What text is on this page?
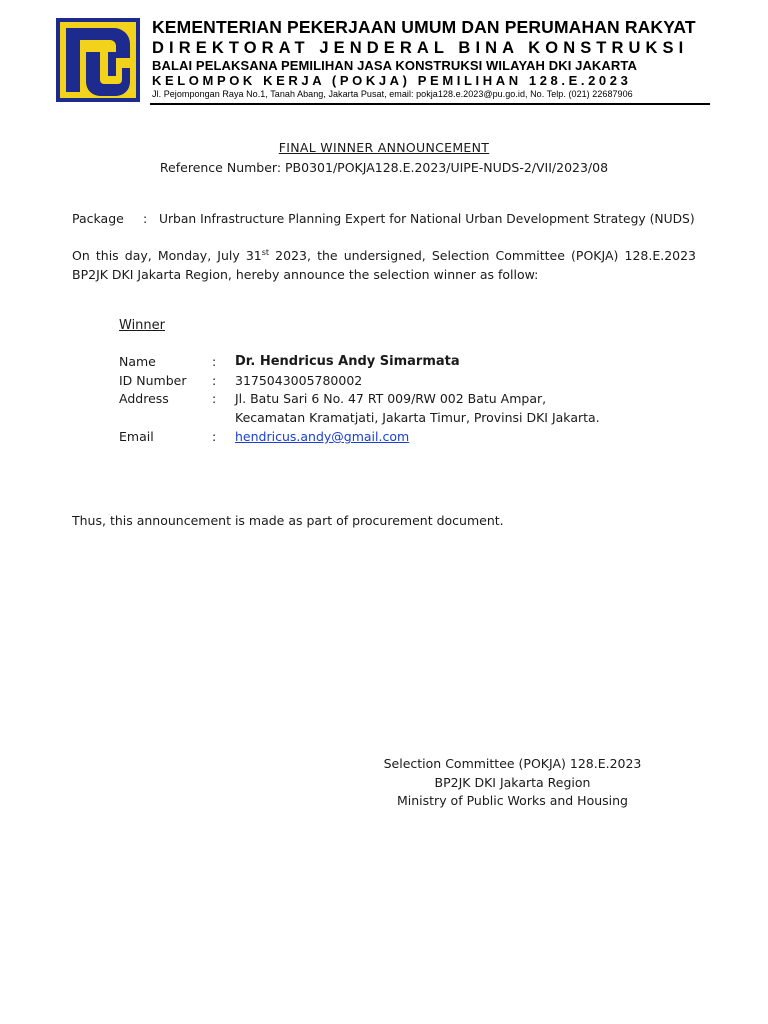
KEMENTERIAN PEKERJAAN UMUM DAN PERUMAHAN RAKYAT
DIREKTORAT JENDERAL BINA KONSTRUKSI
BALAI PELAKSANA PEMILIHAN JASA KONSTRUKSI WILAYAH DKI JAKARTA
KELOMPOK KERJA (POKJA) PEMILIHAN 128.E.2023
Jl. Pejompongan Raya No.1, Tanah Abang, Jakarta Pusat, email: pokja128.e.2023@pu.go.id, No. Telp. (021) 22687906
FINAL WINNER ANNOUNCEMENT
Reference Number: PB0301/POKJA128.E.2023/UIPE-NUDS-2/VII/2023/08
Package : Urban Infrastructure Planning Expert for National Urban Development Strategy (NUDS)
On this day, Monday, July 31st 2023, the undersigned, Selection Committee (POKJA) 128.E.2023 BP2JK DKI Jakarta Region, hereby announce the selection winner as follow:
Winner
Name	: Dr. Hendricus Andy Simarmata
ID Number : 3175043005780002
Address	: Jl. Batu Sari 6 No. 47 RT 009/RW 002 Batu Ampar,
Kecamatan Kramatjati, Jakarta Timur, Provinsi DKI Jakarta.
Email	: hendricus.andy@gmail.com
Thus, this announcement is made as part of procurement document.
Selection Committee (POKJA) 128.E.2023
BP2JK DKI Jakarta Region
Ministry of Public Works and Housing
